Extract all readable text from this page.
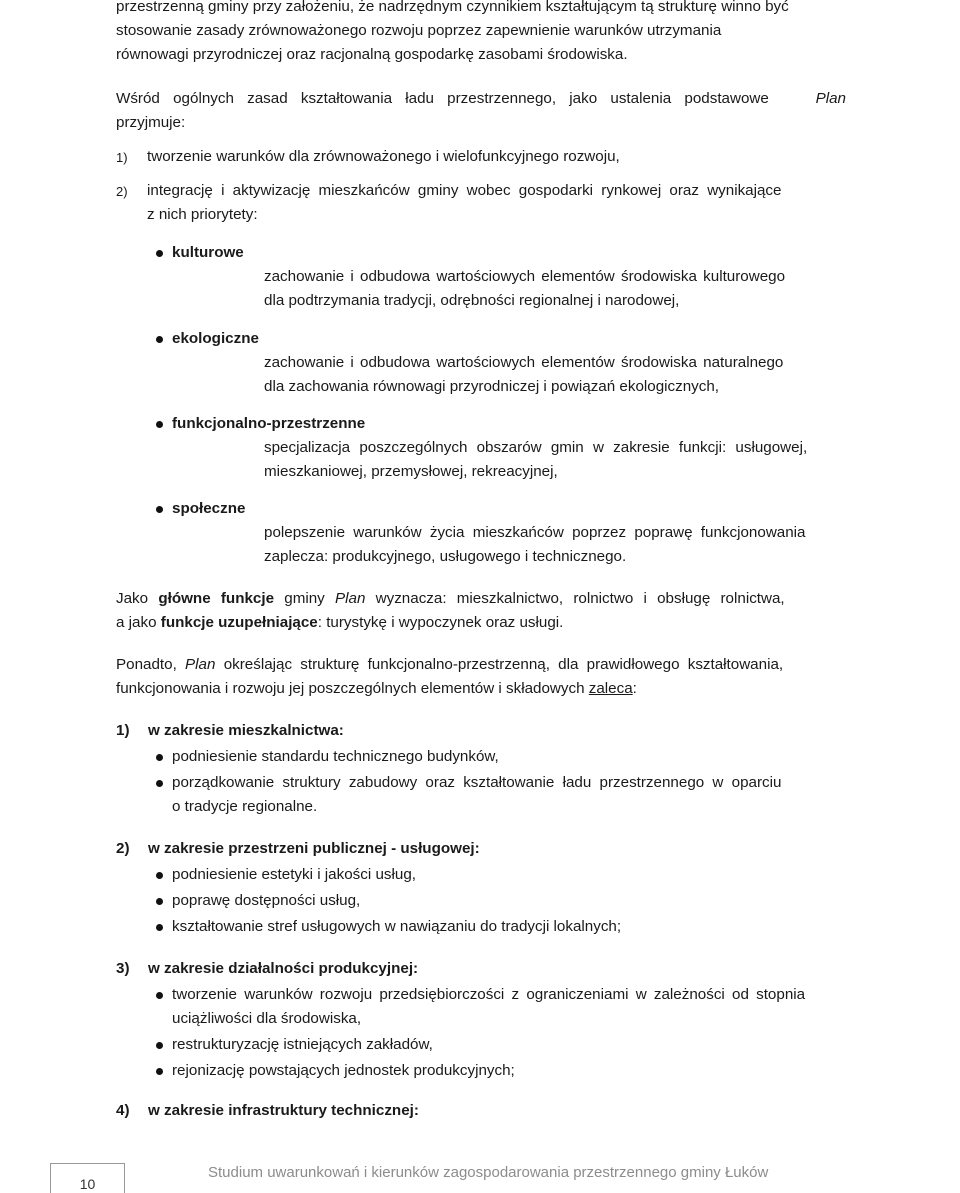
przestrzenną gminy przy założeniu, że nadrzędnym czynnikiem kształtującym tą strukturę winno być
stosowanie zasady zrównoważonego rozwoju poprzez zapewnienie warunków utrzymania
równowagi przyrodniczej oraz racjonalną gospodarkę zasobami środowiska.
Wśród ogólnych zasad kształtowania ładu przestrzennego, jako ustalenia podstawowe	Plan
przyjmuje:
1) tworzenie warunków dla zrównoważonego i wielofunkcyjnego rozwoju,
2) integrację i aktywizację mieszkańców gminy wobec gospodarki rynkowej oraz wynikające
z nich priorytety:
kulturowe
zachowanie i odbudowa wartościowych elementów środowiska kulturowego
dla podtrzymania tradycji, odrębności regionalnej i narodowej,
ekologiczne
zachowanie i odbudowa wartościowych elementów środowiska naturalnego
dla zachowania równowagi przyrodniczej i powiązań ekologicznych,
funkcjonalno-przestrzenne
specjalizacja poszczególnych obszarów gmin w zakresie funkcji: usługowej,
mieszkaniowej, przemysłowej, rekreacyjnej,
społeczne
polepszenie warunków życia mieszkańców poprzez poprawę funkcjonowania
zaplecza: produkcyjnego, usługowego i technicznego.
Jako główne funkcje gminy Plan wyznacza: mieszkalnictwo, rolnictwo i obsługę rolnictwa,
a jako funkcje uzupełniające: turystykę i wypoczynek oraz usługi.
Ponadto, Plan określając strukturę funkcjonalno-przestrzenną, dla prawidłowego kształtowania,
funkcjonowania i rozwoju jej poszczególnych elementów i składowych zaleca:
1) w zakresie mieszkalnictwa:
podniesienie standardu technicznego budynków,
porządkowanie struktury zabudowy oraz kształtowanie ładu przestrzennego w oparciu
o tradycje regionalne.
2) w zakresie przestrzeni publicznej - usługowej:
podniesienie estetyki i jakości usług,
poprawę dostępności usług,
kształtowanie stref usługowych w nawiązaniu do tradycji lokalnych;
3) w zakresie działalności produkcyjnej:
tworzenie warunków rozwoju przedsiębiorczości z ograniczeniami w zależności od stopnia
uciążliwości dla środowiska,
restrukturyzację istniejących zakładów,
rejonizację powstających jednostek produkcyjnych;
4) w zakresie infrastruktury technicznej:
10
Studium uwarunkowań i kierunków zagospodarowania przestrzennego gminy Łuków
